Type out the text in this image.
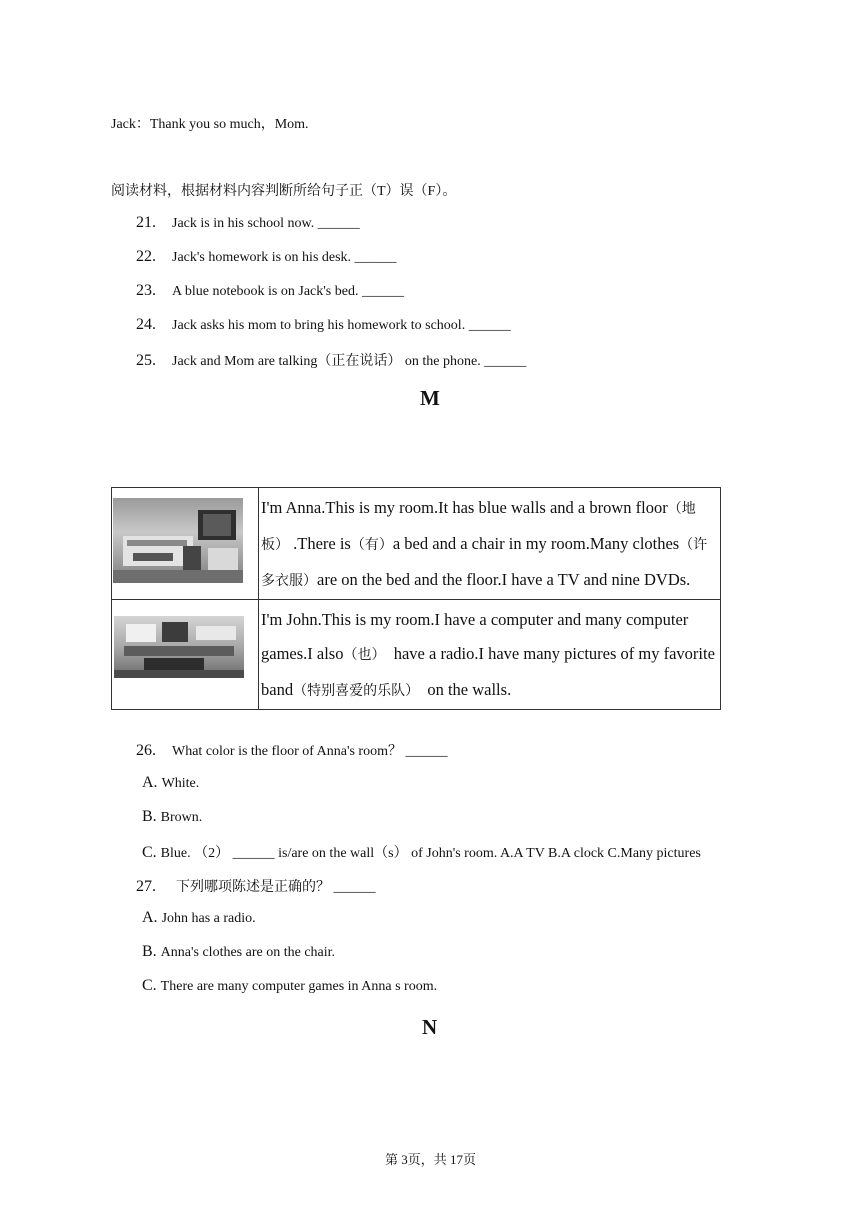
Jack：Thank you so much，Mom.
阅读材料，根据材料内容判断所给句子正（T）误（F）。
21. Jack is in his school now. ______
22. Jack's homework is on his desk. ______
23. A blue notebook is on Jack's bed. ______
24. Jack asks his mom to bring his homework to school. ______
25. Jack and Mom are talking（正在说话） on the phone. ______
M
	I'm Anna.This is my room.It has blue walls and a brown floor（地板） .There is（有）a bed and a chair in my room.Many clothes（许多衣服）are on the bed and the floor.I have a TV and nine DVDs.

	I'm John.This is my room.I have a computer and many computer games.I also（也）  have a radio.I have many pictures of my favorite band（特别喜爱的乐队）  on the walls.
26. What color is the floor of Anna's room？ ______
A. White.
B. Brown.
C. Blue. （2） ______ is/are on the wall（s） of John's room. A.A TV B.A clock C.Many pictures
27. 下列哪项陈述是正确的？ ______
A. John has a radio.
B. Anna's clothes are on the chair.
C. There are many computer games in Anna s room.
N
第 3页，共 17页
